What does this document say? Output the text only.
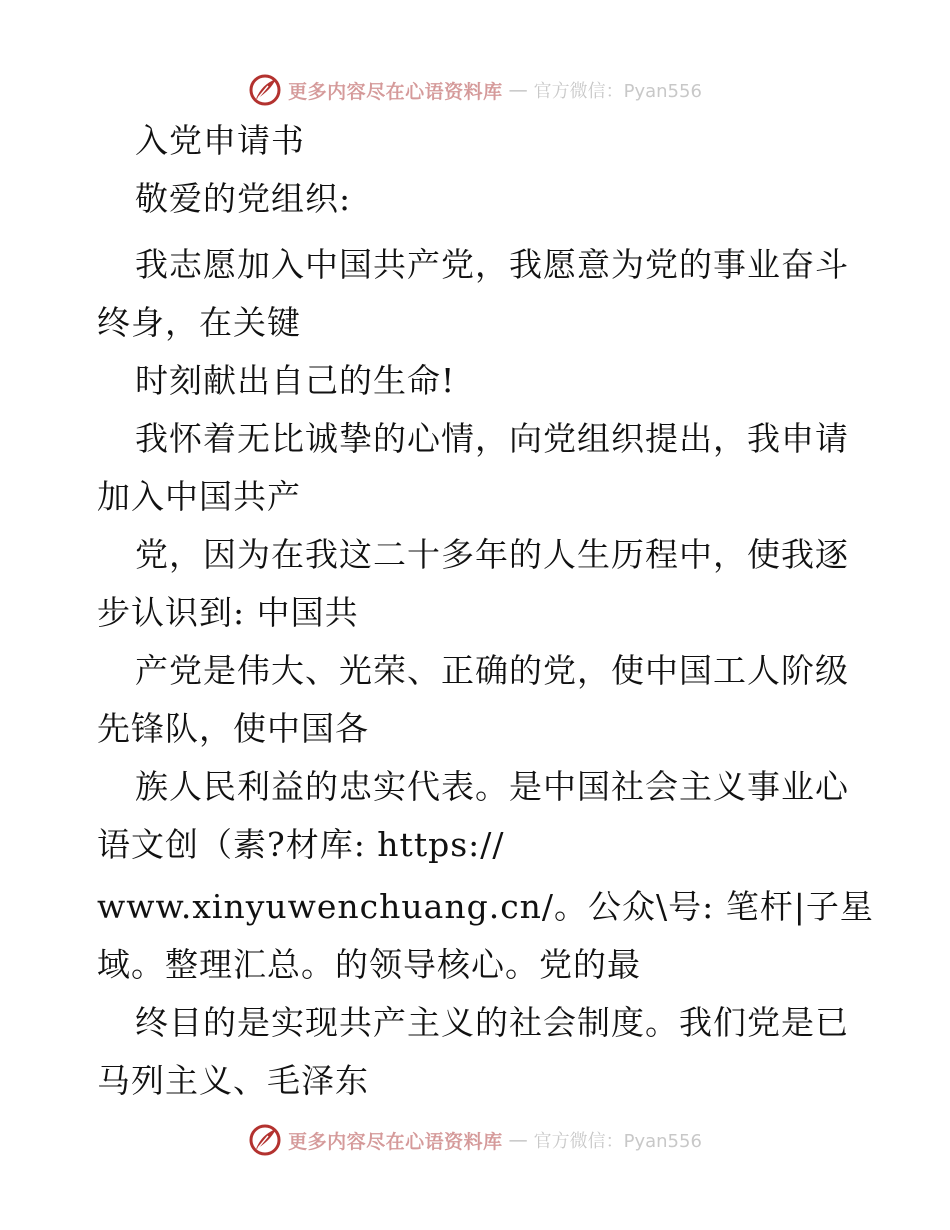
更多内容尽在心语资料库 — 官方微信：Pyan556
入党申请书
敬爱的党组织:
我志愿加入中国共产党，我愿意为党的事业奋斗
终身，在关键
时刻献出自己的生命!
我怀着无比诚挚的心情，向党组织提出，我申请
加入中国共产
党，因为在我这二十多年的人生历程中，使我逐
步认识到: 中国共
产党是伟大、光荣、正确的党，使中国工人阶级
先锋队，使中国各
族人民利益的忠实代表。是中国社会主义事业心
语文创（素?材库: https://
www.xinyuwenchuang.cn/。公众\号: 笔杆|子星
域。整理汇总。的领导核心。党的最
终目的是实现共产主义的社会制度。我们党是已
马列主义、毛泽东
更多内容尽在心语资料库 — 官方微信：Pyan556
